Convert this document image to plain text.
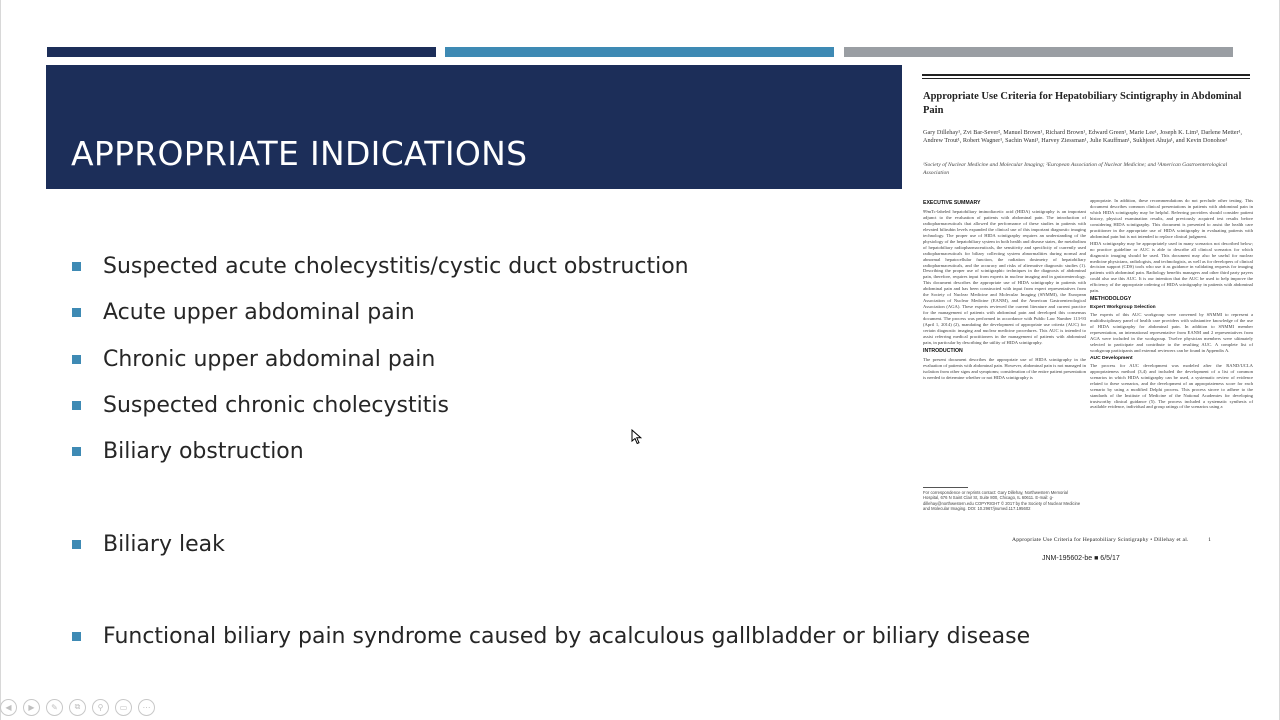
APPROPRIATE INDICATIONS
Suspected acute cholecystitis/cystic duct obstruction
Acute upper abdominal pain
Chronic upper abdominal pain
Suspected chronic cholecystitis
Biliary obstruction
Biliary leak
Functional biliary pain syndrome caused by acalculous gallbladder or biliary disease
Appropriate Use Criteria for Hepatobiliary Scintigraphy in Abdominal Pain
Gary Dillehay¹, Zvi Bar-Sever², Manuel Brown¹, Richard Brown¹, Edward Green¹, Marie Lee¹, Joseph K. Lim³, Darlene Metter¹, Andrew Trout¹, Robert Wagner¹, Sachin Wani³, Harvey Ziessman¹, Julie Kauffman¹, Sukhjeet Ahuja¹, and Kevin Donohoe¹
¹Society of Nuclear Medicine and Molecular Imaging; ²European Association of Nuclear Medicine; and ³American Gastroenterological Association
EXECUTIVE SUMMARY

99mTc-labeled hepatobiliary iminodiacetic acid (HIDA) scintigraphy is an important adjunct to the evaluation of patients with abdominal pain. The introduction of radiopharmaceuticals that allowed the performance of these studies in patients with elevated bilirubin levels expanded the clinical use of this important diagnostic imaging technology. The proper use of HIDA scintigraphy requires an understanding of the physiology of the hepatobiliary system in both health and disease states, the metabolism of hepatobiliary radiopharmaceuticals, the sensitivity and specificity of currently used radiopharmaceuticals for biliary collecting system abnormalities during normal and abnormal hepatocellular function, the radiation dosimetry of hepatobiliary radiopharmaceuticals, and the accuracy and risks of alternative diagnostic studies (1). Describing the proper use of scintigraphic techniques in the diagnosis of abdominal pain, therefore, requires input from experts in nuclear imaging and in gastroenterology. This document describes the appropriate use of HIDA scintigraphy in patients with abdominal pain and has been constructed with input from expert representatives from the Society of Nuclear Medicine and Molecular Imaging (SNMMI), the European Association of Nuclear Medicine (EANM), and the American Gastroenterological Association (AGA). These experts reviewed the current literature and current practice for the management of patients with abdominal pain and developed this consensus document. The process was performed in accordance with Public Law Number 113-93 (April 1, 2014) (2), mandating the development of appropriate use criteria (AUC) for certain diagnostic imaging and nuclear medicine procedures. This AUC is intended to assist referring medical practitioners in the management of patients with abdominal pain, in particular by describing the utility of HIDA scintigraphy.

INTRODUCTION

The present document describes the appropriate use of HIDA scintigraphy in the evaluation of patients with abdominal pain. However, abdominal pain is not managed in isolation from other signs and symptoms; consideration of the entire patient presentation is needed to determine whether or not HIDA scintigraphy is

appropriate. In addition, these recommendations do not preclude other testing. This document describes common clinical presentations in patients with abdominal pain in which HIDA scintigraphy may be helpful. Referring providers should consider patient history, physical examination results, and previously acquired test results before considering HIDA scintigraphy. This document is presented to assist the health care practitioner in the appropriate use of HIDA scintigraphy in evaluating patients with abdominal pain but is not intended to replace clinical judgment.

HIDA scintigraphy may be appropriately used in many scenarios not described below; no practice guideline or AUC is able to describe all clinical scenarios for which diagnostic imaging should be used. This document may also be useful for nuclear medicine physicians, radiologists, and technologists, as well as for developers of clinical decision support (CDS) tools who use it as guidance in validating requests for imaging patients with abdominal pain. Radiology benefits managers and other third party payers could also use this AUC. It is our intention that the AUC be used to help improve the efficiency of the appropriate ordering of HIDA scintigraphy in patients with abdominal pain.

METHODOLOGY
Expert Workgroup Selection

The experts of this AUC workgroup were convened by SNMMI to represent a multidisciplinary panel of health care providers with substantive knowledge of the use of HIDA scintigraphy for abdominal pain. In addition to SNMMI member representation, an international representative from EANM and 2 representatives from AGA were included in the workgroup. Twelve physician members were ultimately selected to participate and contribute to the resulting AUC. A complete list of workgroup participants and external reviewers can be found in Appendix A.

AUC Development

The process for AUC development was modeled after the RAND/UCLA appropriateness method (3,4) and included the development of a list of common scenarios in which HIDA scintigraphy can be used, a systematic review of evidence related to these scenarios, and the development of an appropriateness score for each scenario by using a modified Delphi process. This process strove to adhere to the standards of the Institute of Medicine of the National Academies for developing trustworthy clinical guidance (5). The process included a systematic synthesis of available evidence, individual and group ratings of the scenarios using a

For correspondence or reprints contact: Gary Dillehay, Northwestern Memorial Hospital, 676 N Saint Clair St, Suite 800, Chicago, IL 60611. E-mail: g-dillehay@northwestern.edu COPYRIGHT © 2017 by the Society of Nuclear Medicine and Molecular Imaging. DOI: 10.2967/jnumed.117.195602
Appropriate Use Criteria for Hepatobiliary Scintigraphy • Dillehay et al.	1
JNM-195602-be ■ 6/5/17
◀	▶	✎	⧉	⚲	▭	⋯
